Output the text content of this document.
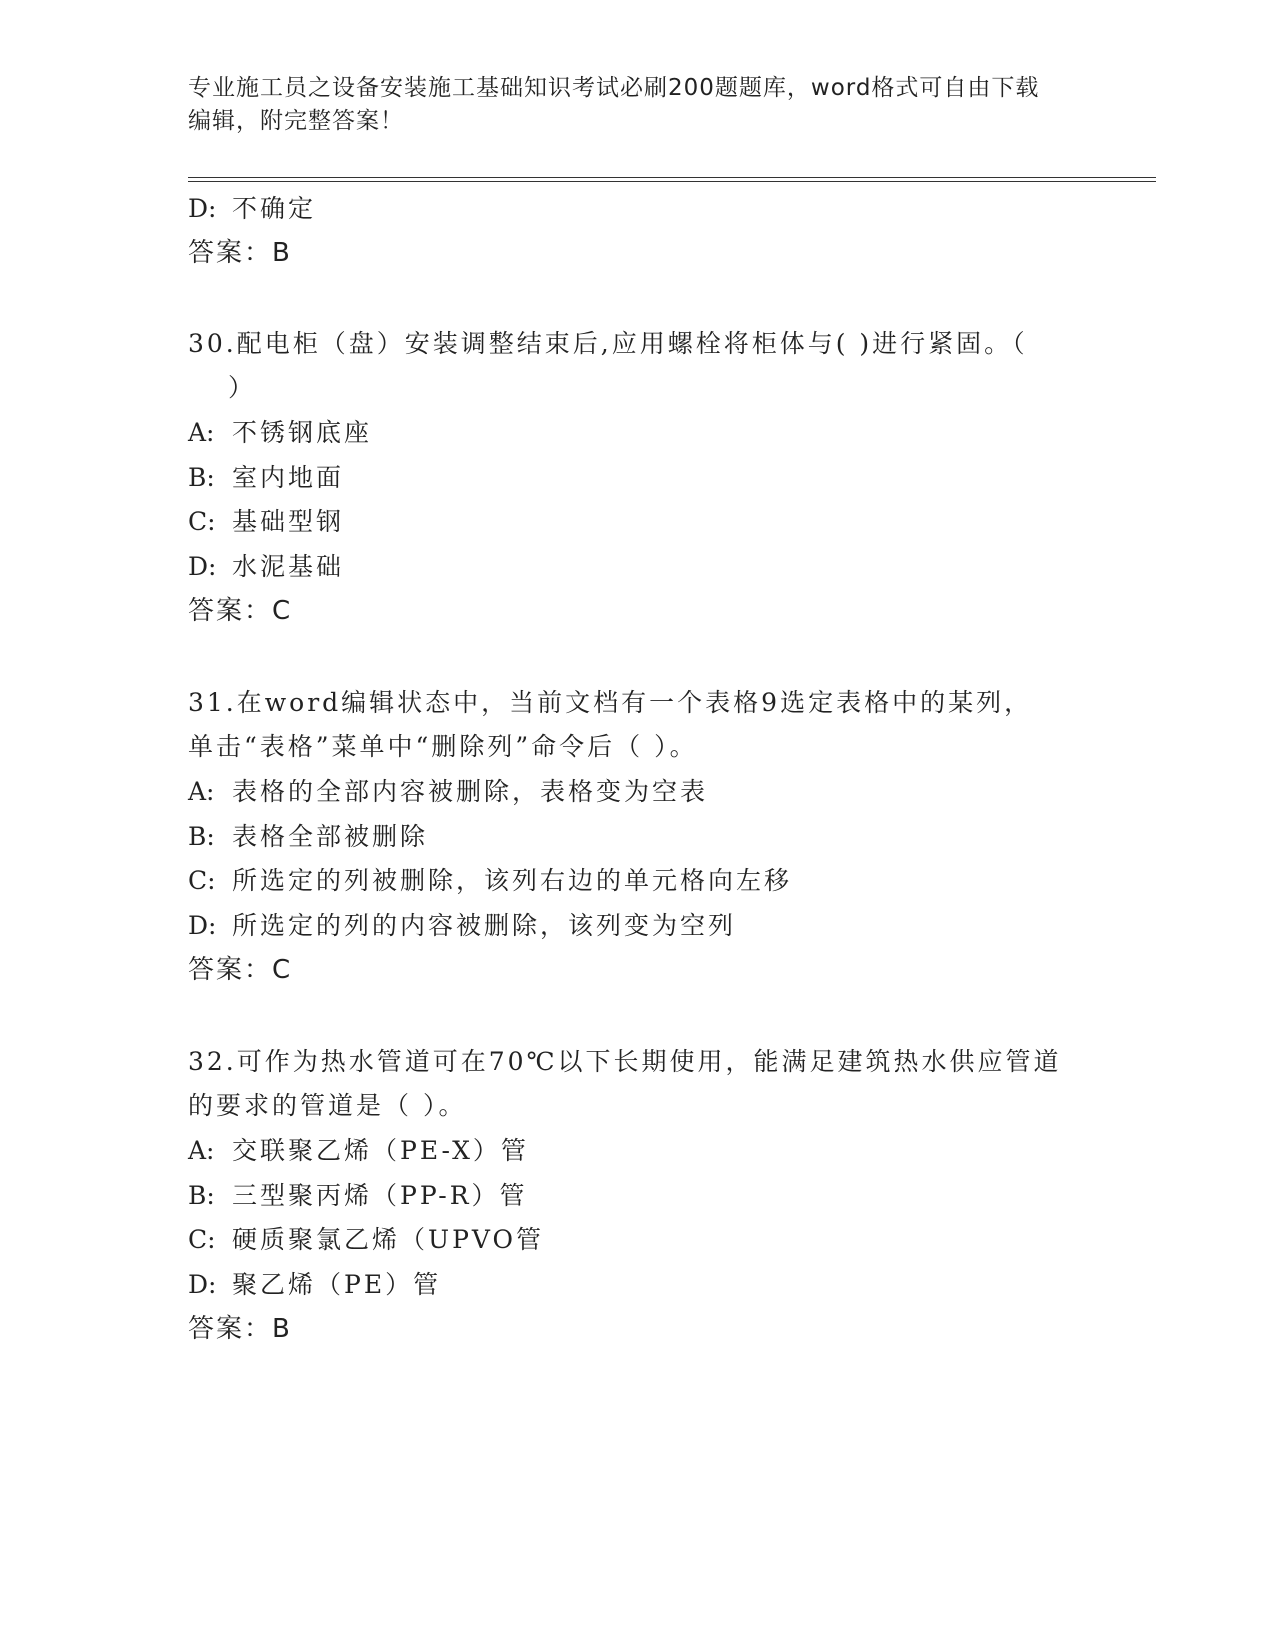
专业施工员之设备安装施工基础知识考试必刷200题题库，word格式可自由下载
编辑，附完整答案！
D: 不确定
答案：B
30.配电柜（盘）安装调整结束后,应用螺栓将柜体与( )进行紧固。（
）
A: 不锈钢底座
B: 室内地面
C: 基础型钢
D: 水泥基础
答案：C
31.在word编辑状态中，当前文档有一个表格9选定表格中的某列，
单击“表格”菜单中“删除列”命令后（ ）。
A: 表格的全部内容被删除，表格变为空表
B: 表格全部被删除
C: 所选定的列被删除，该列右边的单元格向左移
D: 所选定的列的内容被删除，该列变为空列
答案：C
32.可作为热水管道可在70℃以下长期使用，能满足建筑热水供应管道
的要求的管道是（ ）。
A: 交联聚乙烯（PE-X）管
B: 三型聚丙烯（PP-R）管
C: 硬质聚氯乙烯（UPVO管
D: 聚乙烯（PE）管
答案：B
